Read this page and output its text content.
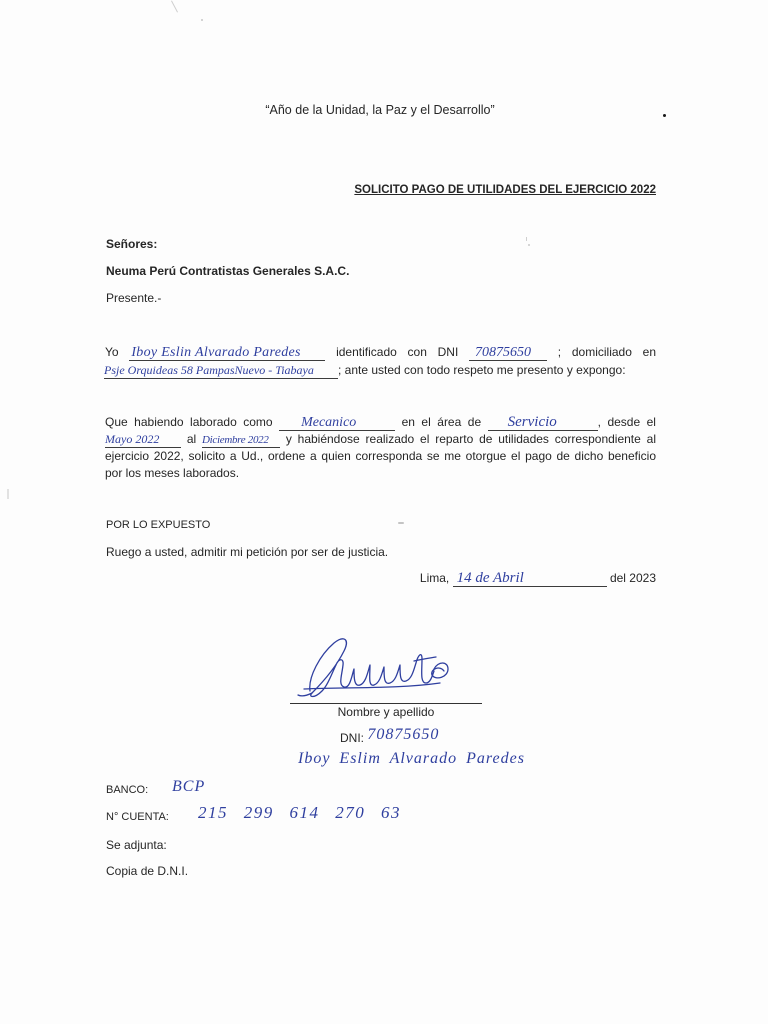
“Año de la Unidad, la Paz y el Desarrollo”
SOLICITO PAGO DE UTILIDADES DEL EJERCICIO 2022
Señores:
Neuma Perú Contratistas Generales S.A.C.
Presente.-
Yo Iboy Eslin Alvarado Paredes	identificado con DNI 70875650 ; domiciliado en
Psje Orquideas 58 PampasNuevo - Tiabaya ; ante usted con todo respeto me presento y expongo:
Que habiendo laborado como Mecanico	en el área de Servicio	, desde el
Mayo 2022 al Diciembre 2022 y habiéndose realizado el reparto de utilidades correspondiente al
ejercicio 2022, solicito a Ud., ordene a quien corresponda se me otorgue el pago de dicho beneficio
por los meses laborados.
POR LO EXPUESTO
Ruego a usted, admitir mi petición por ser de justicia.
Lima, 14 de Abril	del 2023
Nombre y apellido
DNI: 70875650
Iboy Eslim Alvarado Paredes
BANCO: BCP
N° CUENTA: 215 299 614 270 63
Se adjunta:
Copia de D.N.I.
